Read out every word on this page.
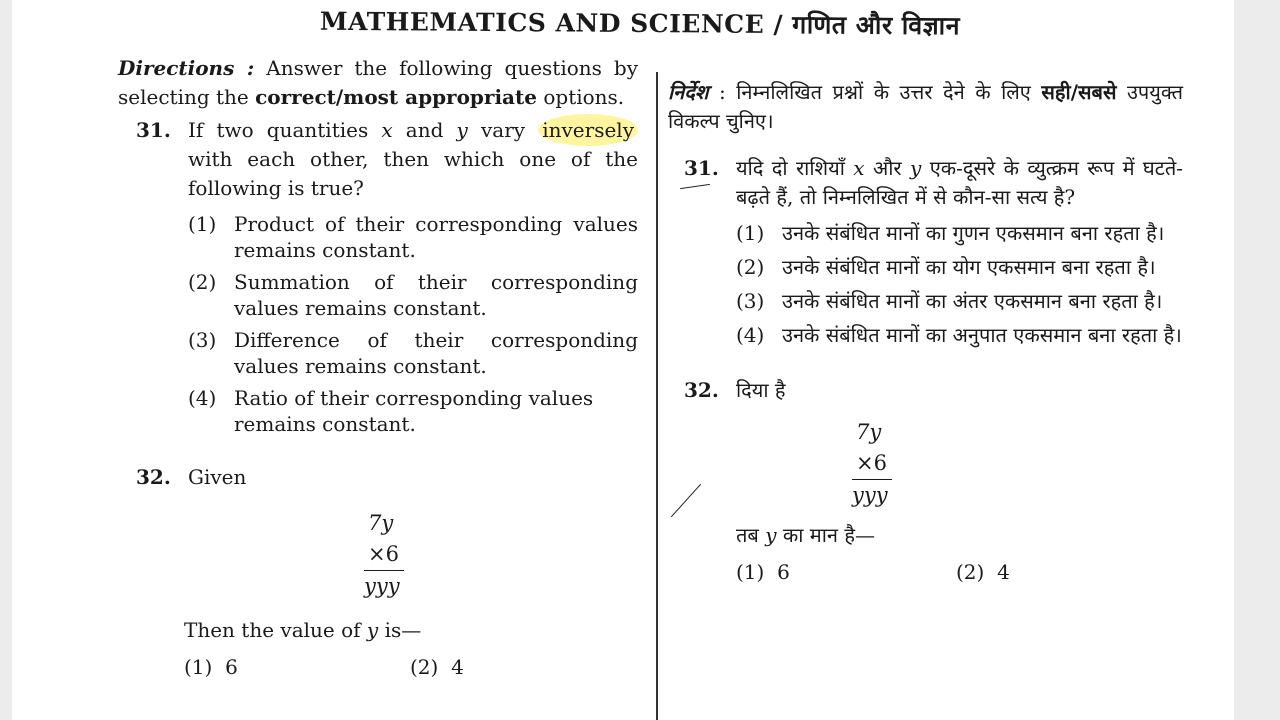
MATHEMATICS AND SCIENCE / गणित और विज्ञान
Directions : Answer the following questions by selecting the correct/most appropriate options.
31. If two quantities x and y vary inversely with each other, then which one of the following is true?
(1) Product of their corresponding values remains constant.
(2) Summation of their corresponding values remains constant.
(3) Difference of their corresponding values remains constant.
(4) Ratio of their corresponding values remains constant.
32. Given
7y
×6
yyy
Then the value of y is—
(1) 6	(2) 4
निर्देश : निम्नलिखित प्रश्नों के उत्तर देने के लिए सही/सबसे उपयुक्त विकल्प चुनिए।
31. यदि दो राशियाँ x और y एक-दूसरे के व्युत्क्रम रूप में घटते-बढ़ते हैं, तो निम्नलिखित में से कौन-सा सत्य है?
(1) उनके संबंधित मानों का गुणन एकसमान बना रहता है।
(2) उनके संबंधित मानों का योग एकसमान बना रहता है।
(3) उनके संबंधित मानों का अंतर एकसमान बना रहता है।
(4) उनके संबंधित मानों का अनुपात एकसमान बना रहता है।
32. दिया है
7y
×6
yyy
तब y का मान है—
(1) 6	(2) 4
